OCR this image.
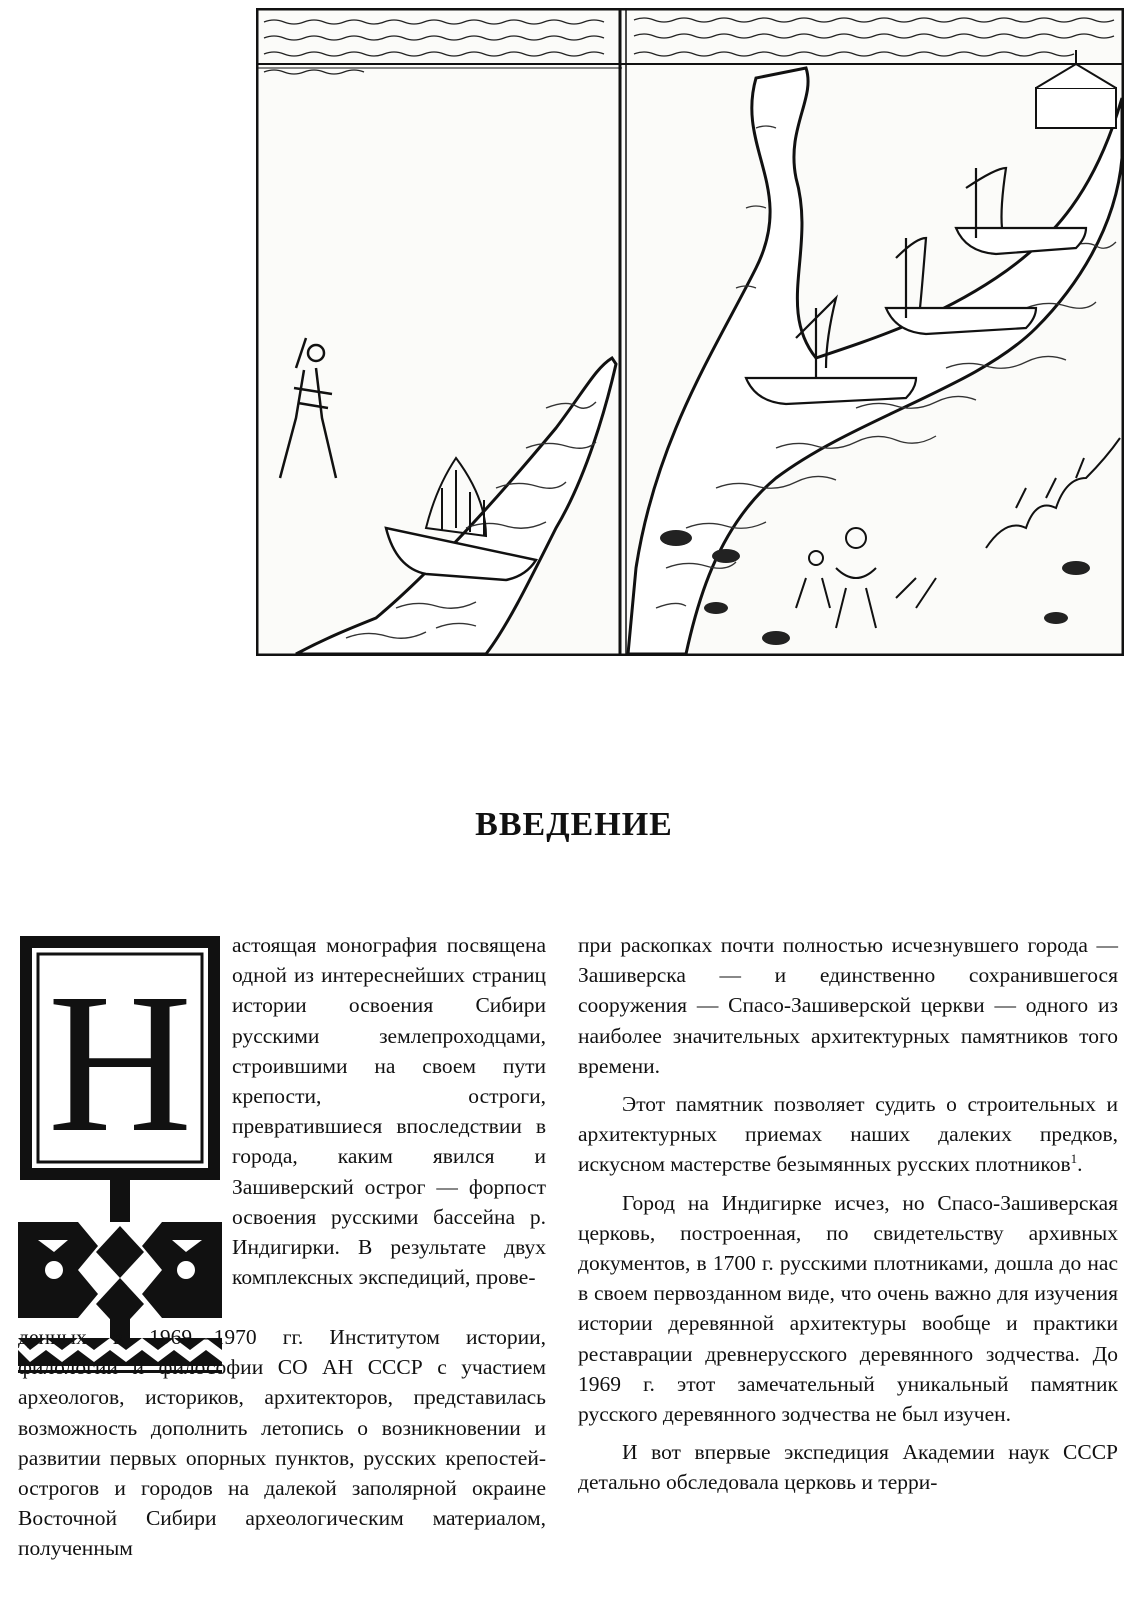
ВВЕДЕНИЕ
Н

астоящая монография посвящена одной из интереснейших страниц истории освоения Сибири русскими землепроходцами, строившими на своем пути крепости, остроги, превратившиеся впоследствии в города, каким явился и Зашиверский острог — форпост освоения русскими бассейна р. Индигирки. В результате двух комплексных экспедиций, прове-

денных в 1969—1970 гг. Институтом истории, филологии и философии СО АН СССР с участием археологов, историков, архитекторов, представилась возможность дополнить летопись о возникновении и развитии первых опорных пунктов, русских крепостей-острогов и городов на далекой заполярной окраине Восточной Сибири археологическим материалом, полученным

при раскопках почти полностью исчезнувшего города — Зашиверска — и единственно сохранившегося сооружения — Спасо-Зашиверской церкви — одного из наиболее значительных архитектурных памятников того времени.

Этот памятник позволяет судить о строительных и архитектурных приемах наших далеких предков, искусном мастерстве безымянных русских плотников$^1$.

Город на Индигирке исчез, но Спасо-Зашиверская церковь, построенная, по свидетельству архивных документов, в 1700 г. русскими плотниками, дошла до нас в своем первозданном виде, что очень важно для изучения истории деревянной архитектуры вообще и практики реставрации древнерусского деревянного зодчества. До 1969 г. этот замечательный уникальный памятник русского деревянного зодчества не был изучен.

И вот впервые экспедиция Академии наук СССР детально обследовала церковь и терри-
